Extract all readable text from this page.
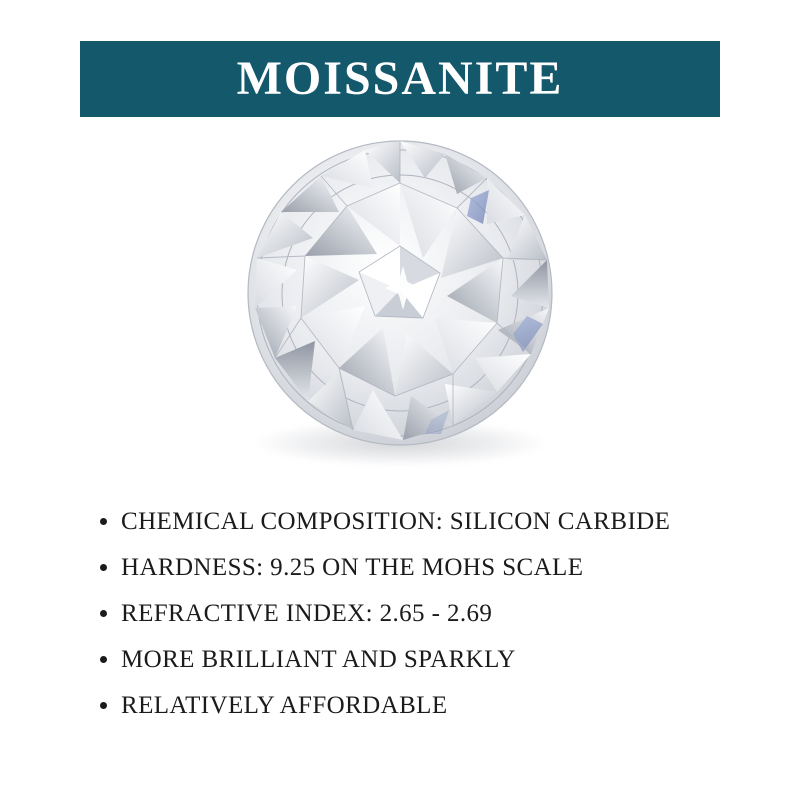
MOISSANITE
CHEMICAL COMPOSITION: SILICON CARBIDE
HARDNESS: 9.25 ON THE MOHS SCALE
REFRACTIVE INDEX: 2.65 - 2.69
MORE BRILLIANT AND SPARKLY
RELATIVELY AFFORDABLE
